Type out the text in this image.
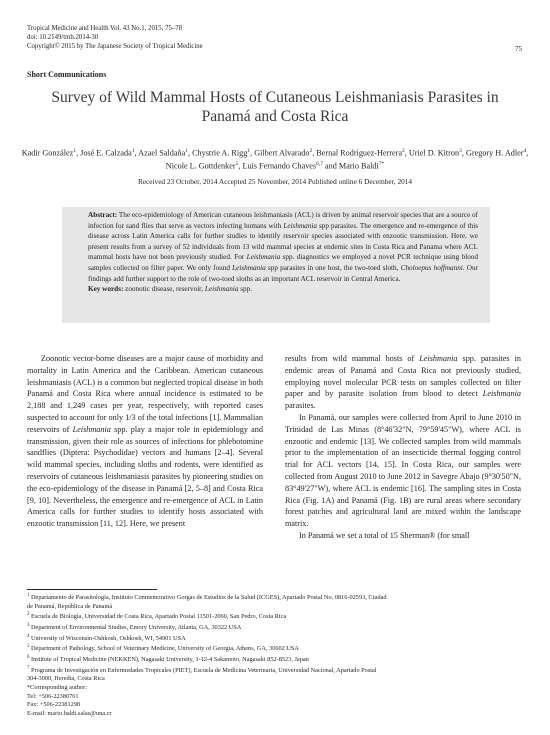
Tropical Medicine and Health Vol. 43 No.1, 2015, 75–78
doi: 10.2149/tmh.2014-30
Copyright© 2015 by The Japanese Society of Tropical Medicine	75
Short Communications
Survey of Wild Mammal Hosts of Cutaneous Leishmaniasis Parasites in
Panamá and Costa Rica
Kadir González$^1$, José E. Calzada$^1$, Azael Saldaña$^1$, Chystrie A. Rigg$^1$, Gilbert Alvarado$^2$, Bernal Rodríguez-Herrera$^2$, Uriel D. Kitron$^3$, Gregory H. Adler$^4$, Nicole L. Gottdenker$^5$, Luis Fernando Chaves$^{6,7}$ and Mario Baldi$^{7*}$
Received 23 October, 2014 Accepted 25 November, 2014 Published online 6 December, 2014
Abstract: The eco-epidemiology of American cutaneous leishmaniasis (ACL) is driven by animal reservoir species that are a source of infection for sand flies that serve as vectors infecting humans with Leishmania spp parasites. The emergence and re-emergence of this disease across Latin America calls for further studies to identify reservoir species associated with enzootic transmission. Here, we present results from a survey of 52 individuals from 13 wild mammal species at endemic sites in Costa Rica and Panama where ACL mammal hosts have not been previously studied. For Leishmania spp. diagnostics we employed a novel PCR technique using blood samples collected on filter paper. We only found Leishmania spp parasites in one host, the two-toed sloth, Choloepus hoffmanni. Our findings add further support to the role of two-toed sloths as an important ACL reservoir in Central America.
Key words: zoonotic disease, reservoir, Leishmania spp.

Zoonotic vector-borne diseases are a major cause of morbidity and mortality in Latin America and the Caribbean. American cutaneous leishmaniasis (ACL) is a common but neglected tropical disease in both Panamá and Costa Rica where annual incidence is estimated to be 2,188 and 1,249 cases per year, respectively, with reported cases suspected to account for only 1/3 of the total infections [1]. Mammalian reservoirs of Leishmania spp. play a major role in epidemiology and transmission, given their role as sources of infections for phlebotomine sandflies (Diptera: Psychodidae) vectors and humans [2–4]. Several wild mammal species, including sloths and rodents, were identified as reservoirs of cutaneous leishmaniasis parasites by pioneering studies on the eco-epidemiology of the disease in Panamá [2, 5–8] and Costa Rica [9, 10]. Nevertheless, the emergence and re-emergence of ACL in Latin America calls for further studies to identify hosts associated with enzootic transmission [11, 12]. Here, we present

results from wild mammal hosts of Leishmania spp. parasites in endemic areas of Panamá and Costa Rica not previously studied, employing novel molecular PCR tests on samples collected on filter paper and by parasite isolation from blood to detect Leishmania parasites.

In Panamá, our samples were collected from April to June 2010 in Trinidad de Las Minas (8°46'32"N, 79°59'45"W), where ACL is enzootic and endemic [13]. We collected samples from wild mammals prior to the implementation of an insecticide thermal fogging control trial for ACL vectors [14, 15]. In Costa Rica, our samples were collected from August 2010 to June 2012 in Savegre Abajo (9°30'50"N, 83°49'27"W), where ACL is endemic [16]. The sampling sites in Costa Rica (Fig. 1A) and Panamá (Fig. 1B) are rural areas where secondary forest patches and agricultural land are mixed within the landscape matrix.

In Panamá we set a total of 15 Sherman® (for small

$^1$ Departamento de Parasitología, Instituto Conmemorativo Gorgas de Estudios de la Salud (ICGES), Apartado Postal No. 0816-02593, Ciudad
de Panamá, República de Panamá
$^2$ Escuela de Biología, Universidad de Costa Rica, Apartado Postal 11501-2060, San Pedro, Costa Rica
$^3$ Department of Environmental Studies, Emory University, Atlanta, GA, 30322 USA
$^4$ University of Wisconsin-Oshkosh, Oshkosh, WI, 54901 USA
$^5$ Department of Pathology, School of Veterinary Medicine, University of Georgia, Athens, GA, 30602 USA
$^6$ Institute of Tropical Medicine (NEKKEN), Nagasaki University, 1-12-4 Sakamoto, Nagasaki 852-8523, Japan
$^7$ Programa de Investigación en Enfermedades Tropicales (PIET), Escuela de Medicina Veterinaria, Universidad Nacional, Apartado Postal
304-3000, Heredia, Costa Rica
*Corresponding author:
Tel: +506-22380761
Fax: +506-22381298
E-mail: mario.baldi.salas@una.cr
